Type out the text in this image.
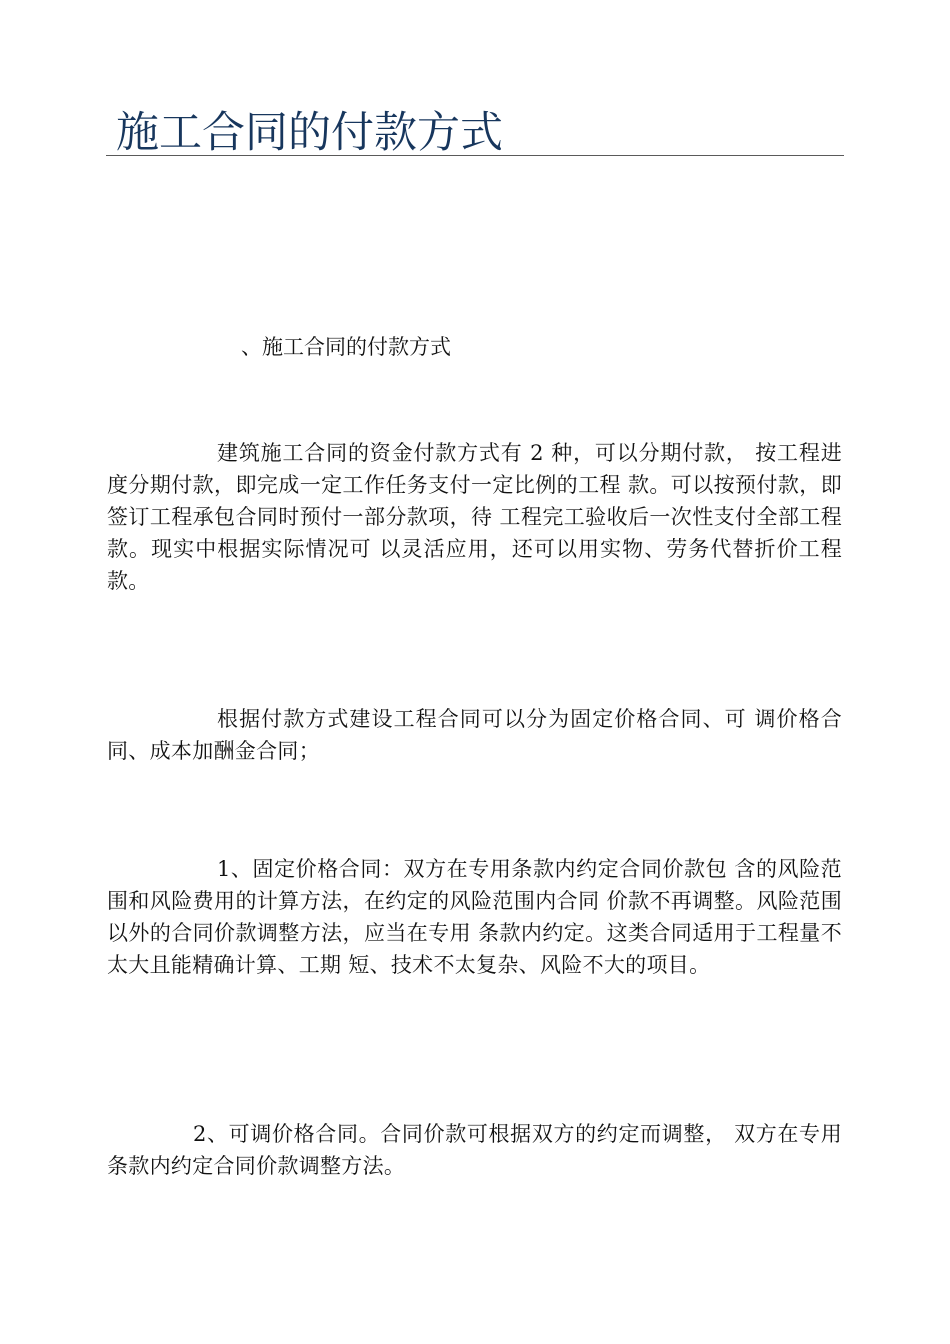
施工合同的付款方式

、施工合同的付款方式

建筑施工合同的资金付款方式有 2 种，可以分期付款， 按工程进度分期付款，即完成一定工作任务支付一定比例的工程 款。可以按预付款，即签订工程承包合同时预付一部分款项，待 工程完工验收后一次性支付全部工程款。现实中根据实际情况可 以灵活应用，还可以用实物、劳务代替折价工程款。

根据付款方式建设工程合同可以分为固定价格合同、可 调价格合同、成本加酬金合同；

1、固定价格合同：双方在专用条款内约定合同价款包 含的风险范围和风险费用的计算方法，在约定的风险范围内合同 价款不再调整。风险范围以外的合同价款调整方法，应当在专用 条款内约定。这类合同适用于工程量不太大且能精确计算、工期 短、技术不太复杂、风险不大的项目。

2、可调价格合同。合同价款可根据双方的约定而调整， 双方在专用条款内约定合同价款调整方法。
